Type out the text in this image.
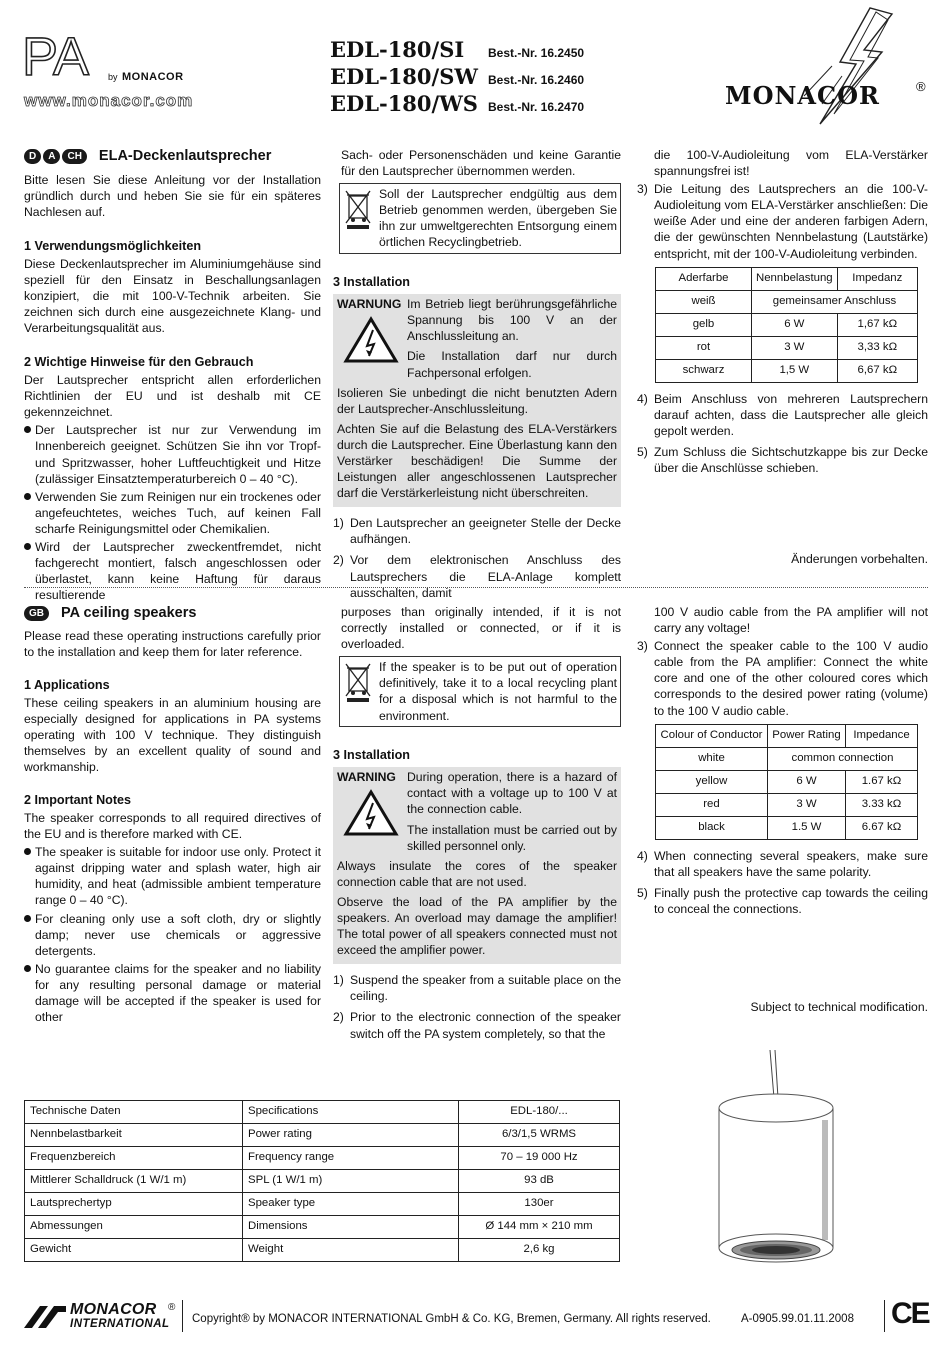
PA by MONACOR
www.monacor.com
EDL-180/SI	Best.-Nr. 16.2450
EDL-180/SW Best.-Nr. 16.2460
EDL-180/WS Best.-Nr. 16.2470	MONACOR	®
D	A	CH	ELA-Deckenlautsprecher

Bitte lesen Sie diese Anleitung vor der Installation gründlich durch und heben Sie sie für ein späteres Nachlesen auf.

1 Verwendungsmöglichkeiten

Diese Deckenlautsprecher im Aluminiumgehäuse sind speziell für den Einsatz in Beschallungsanlagen konzipiert, die mit 100-V-Technik arbeiten. Sie zeichnen sich durch eine ausgezeichnete Klang- und Verarbeitungsqualität aus.

2 Wichtige Hinweise für den Gebrauch

Der Lautsprecher entspricht allen erforderlichen Richtlinien der EU und ist deshalb mit CE gekennzeichnet.

Der Lautsprecher ist nur zur Verwendung im Innenbereich geeignet. Schützen Sie ihn vor Tropf- und Spritzwasser, hoher Luftfeuchtigkeit und Hitze (zulässiger Einsatztemperaturbereich 0 – 40 °C).
Verwenden Sie zum Reinigen nur ein trockenes oder angefeuchtetes, weiches Tuch, auf keinen Fall scharfe Reinigungsmittel oder Chemikalien.
Wird der Lautsprecher zweckentfremdet, nicht fachgerecht montiert, falsch angeschlossen oder überlastet, kann keine Haftung für daraus resultierende

Sach- oder Personenschäden und keine Garantie für den Lautsprecher übernommen werden.

Soll der Lautsprecher endgültig aus dem Betrieb genommen werden, übergeben Sie ihn zur umweltgerechten Entsorgung einem örtlichen Recyclingbetrieb.
3 Installation
WARNUNG Im Betrieb liegt berührungsgefährliche Spannung bis 100 V an der Anschlussleitung an.

Die Installation darf nur durch Fachpersonal erfolgen.

Isolieren Sie unbedingt die nicht benutzten Adern der Lautsprecher-Anschlussleitung.

Achten Sie auf die Belastung des ELA-Verstärkers durch die Lautsprecher. Eine Überlastung kann den Verstärker beschädigen! Die Summe der Leistungen aller angeschlossenen Lautsprecher darf die Verstärkerleistung nicht überschreiten.

1) Den Lautsprecher an geeigneter Stelle der Decke aufhängen.
2) Vor dem elektronischen Anschluss des Lautsprechers die ELA-Anlage komplett ausschalten, damit

die 100-V-Audioleitung vom ELA-Verstärker spannungsfrei ist!

3) Die Leitung des Lautsprechers an die 100-V-Audioleitung vom ELA-Verstärker anschließen: Die weiße Ader und eine der anderen farbigen Adern, die der gewünschten Nennbelastung (Lautstärke) entspricht, mit der 100-V-Audioleitung verbinden.
Aderfarbe	Nennbelastung	Impedanz
weiß	gemeinsamer Anschluss	
gelb	6 W	1,67 kΩ
rot	3 W	3,33 kΩ
schwarz	1,5 W	6,67 kΩ
4) Beim Anschluss von mehreren Lautsprechern darauf achten, dass die Lautsprecher alle gleich gepolt werden.
5) Zum Schluss die Sichtschutzkappe bis zur Decke über die Anschlüsse schieben.
Änderungen vorbehalten.
GB	PA ceiling speakers

Please read these operating instructions carefully prior to the installation and keep them for later reference.

1 Applications

These ceiling speakers in an aluminium housing are especially designed for applications in PA systems operating with 100 V technique. They distinguish themselves by an excellent quality of sound and workmanship.

2 Important Notes

The speaker corresponds to all required directives of the EU and is therefore marked with CE.

The speaker is suitable for indoor use only. Protect it against dripping water and splash water, high air humidity, and heat (admissible ambient temperature range 0 – 40 °C).
For cleaning only use a soft cloth, dry or slightly damp; never use chemicals or aggressive detergents.
No guarantee claims for the speaker and no liability for any resulting personal damage or material damage will be accepted if the speaker is used for other

purposes than originally intended, if it is not correctly installed or connected, or if it is overloaded.

If the speaker is to be put out of operation definitively, take it to a local recycling plant for a disposal which is not harmful to the environment.
3 Installation
WARNING During operation, there is a hazard of contact with a voltage up to 100 V at the connection cable.

The installation must be carried out by skilled personnel only.

Always insulate the cores of the speaker connection cable that are not used.

Observe the load of the PA amplifier by the speakers. An overload may damage the amplifier! The total power of all speakers connected must not exceed the amplifier power.

1) Suspend the speaker from a suitable place on the ceiling.
2) Prior to the electronic connection of the speaker switch off the PA system completely, so that the

100 V audio cable from the PA amplifier will not carry any voltage!

3) Connect the speaker cable to the 100 V audio cable from the PA amplifier: Connect the white core and one of the other coloured cores which corresponds to the desired power rating (volume) to the 100 V audio cable.
Colour of Conductor	Power Rating	Impedance
white	common connection	
yellow	6 W	1.67 kΩ
red	3 W	3.33 kΩ
black	1.5 W	6.67 kΩ
4) When connecting several speakers, make sure that all speakers have the same polarity.
5) Finally push the protective cap towards the ceiling to conceal the connections.
Subject to technical modification.
Technische Daten	Specifications	EDL-180/...
Nennbelastbarkeit	Power rating	6/3/1,5 WRMS
Frequenzbereich	Frequency range	70 – 19 000 Hz
Mittlerer Schalldruck (1 W/1 m)	SPL (1 W/1 m)	93 dB
Lautsprechertyp	Speaker type	130er
Abmessungen	Dimensions	Ø 144 mm × 210 mm
Gewicht	Weight	2,6 kg
MONACOR ®
INTERNATIONAL Copyright® by MONACOR INTERNATIONAL GmbH & Co. KG, Bremen, Germany. All rights reserved.	A-0905.99.01.11.2008 CE
